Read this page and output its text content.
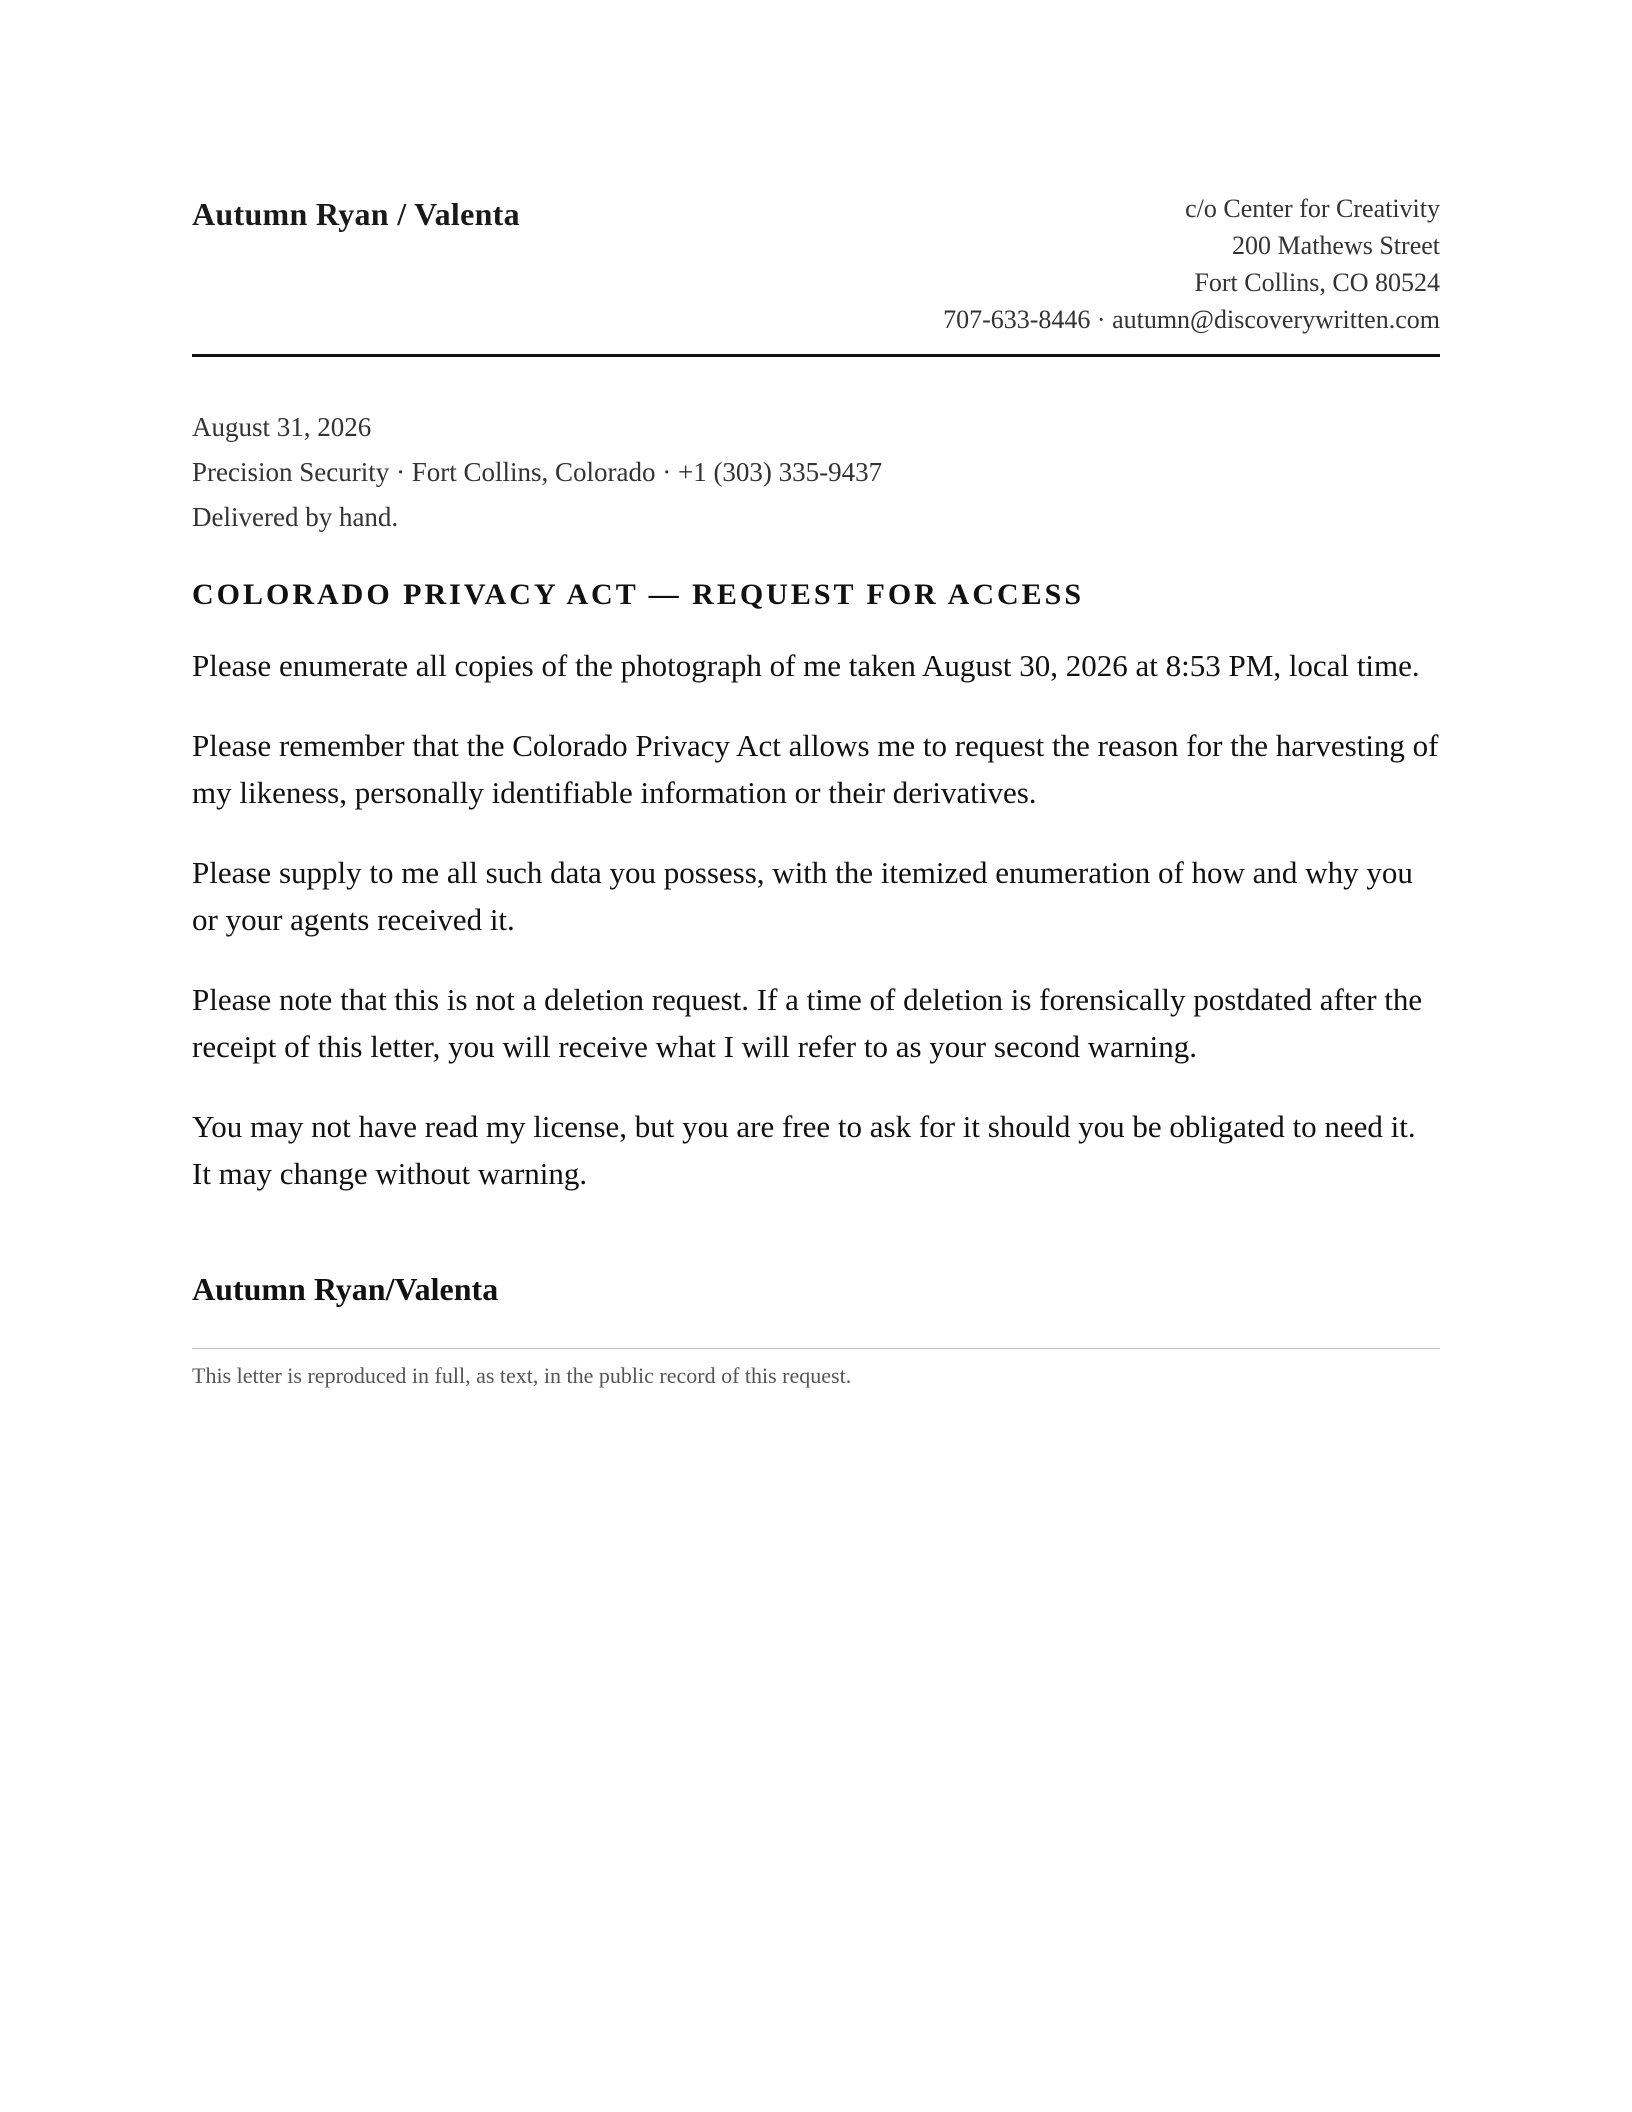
Autumn Ryan / Valenta	c/o Center for Creativity
200 Mathews Street
Fort Collins, CO 80524
707-633-8446 · autumn@discoverywritten.com
August 31, 2026
Precision Security · Fort Collins, Colorado · +1 (303) 335-9437
Delivered by hand.
COLORADO PRIVACY ACT — REQUEST FOR ACCESS

Please enumerate all copies of the photograph of me taken August 30, 2026 at 8:53 PM, local time.

Please remember that the Colorado Privacy Act allows me to request the reason for the harvesting of my likeness, personally identifiable information or their derivatives.

Please supply to me all such data you possess, with the itemized enumeration of how and why you or your agents received it.

Please note that this is not a deletion request. If a time of deletion is forensically postdated after the receipt of this letter, you will receive what I will refer to as your second warning.

You may not have read my license, but you are free to ask for it should you be obligated to need it. It may change without warning.

Autumn Ryan/Valenta
This letter is reproduced in full, as text, in the public record of this request.
